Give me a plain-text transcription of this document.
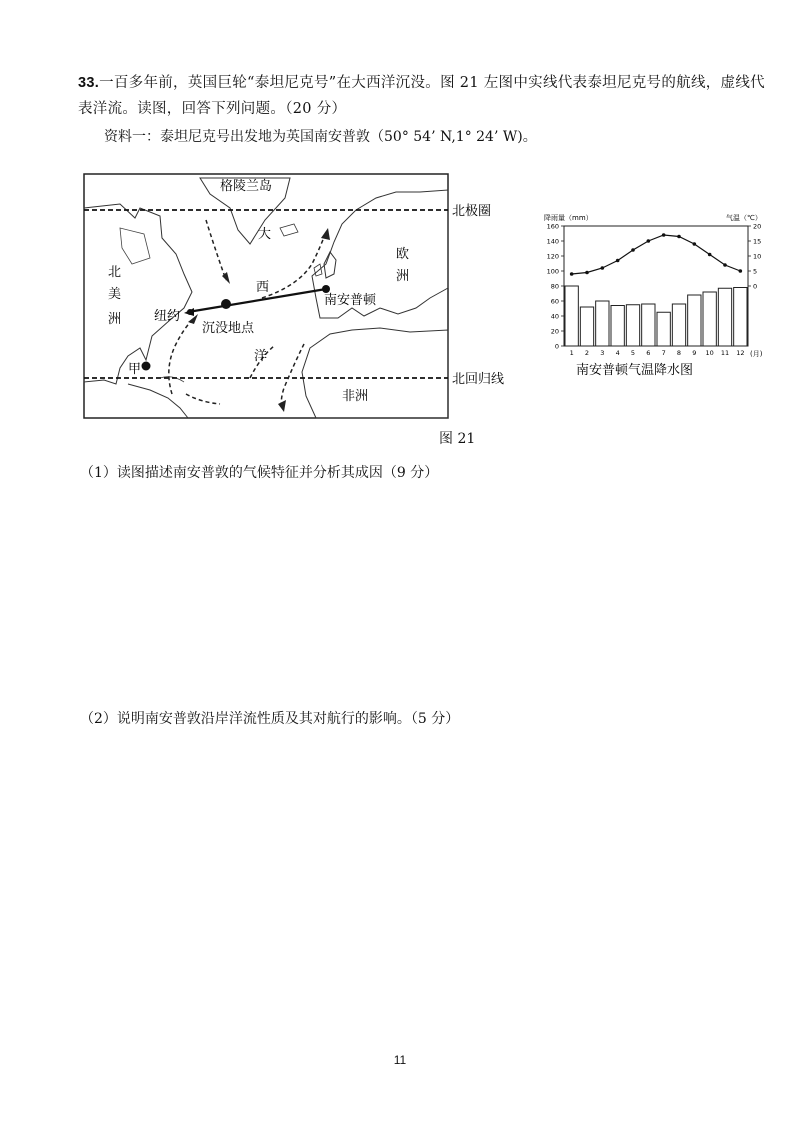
33.一百多年前，英国巨轮“泰坦尼克号”在大西洋沉没。图 21 左图中实线代表泰坦尼克号的航线，虚线代表洋流。读图，回答下列问题。（20 分）
资料一：泰坦尼克号出发地为英国南安普敦（50° 54’ N,1° 24’ W)。
格陵兰岛
北极圈
大
西
洋
北
美
洲
欧
洲
纽约
南安普顿
沉没地点
甲
北回归线
非洲
降雨量（mm）	气温（℃）
160
140
120
100
80
60
40
20
0
20
15
10
5
0
1 2 3 4 5 6 7 8 9 10 11 12 (月)
南安普顿气温降水图
图 21
（1）读图描述南安普敦的气候特征并分析其成因（9 分）
（2）说明南安普敦沿岸洋流性质及其对航行的影响。（5 分）
11
